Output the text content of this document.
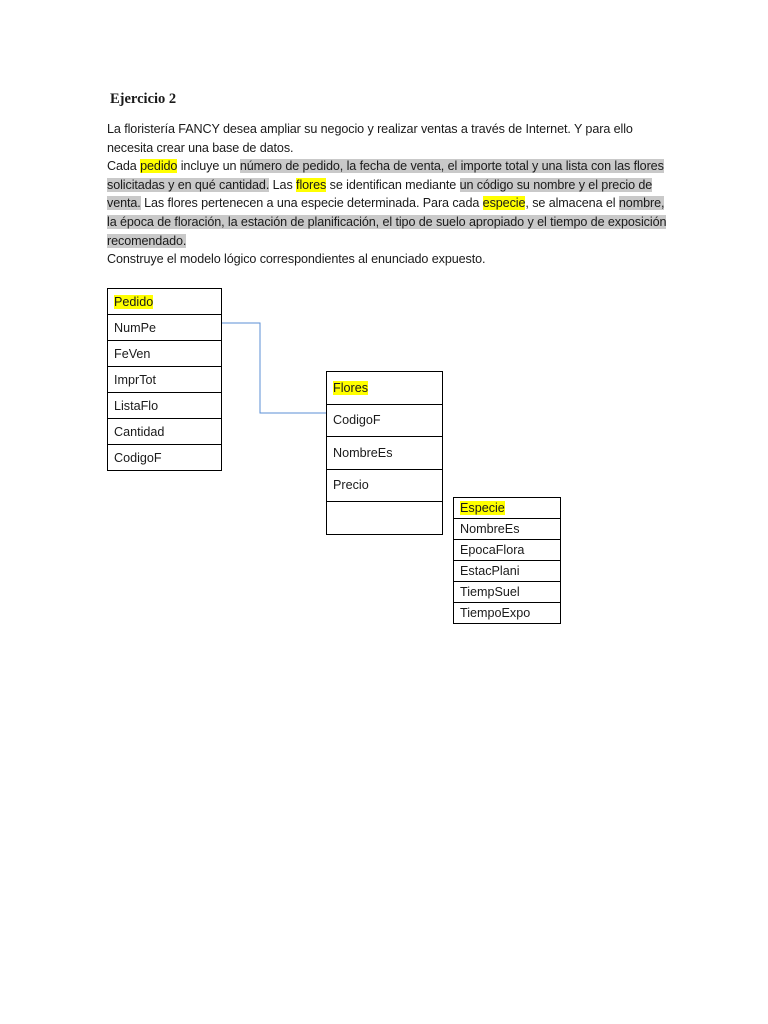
Ejercicio 2

La floristería FANCY desea ampliar su negocio y realizar ventas a través de Internet. Y para ello necesita crear una base de datos.

Cada pedido incluye un número de pedido, la fecha de venta, el importe total y una lista con las flores solicitadas y en qué cantidad. Las flores se identifican mediante un código su nombre y el precio de venta. Las flores pertenecen a una especie determinada. Para cada especie, se almacena el nombre, la época de floración, la estación de planificación, el tipo de suelo apropiado y el tiempo de exposición recomendado.

Construye el modelo lógico correspondientes al enunciado expuesto.

Pedido
NumPe
FeVen
ImprTot
ListaFlo
Cantidad
CodigoF
Flores
CodigoF
NombreEs
Precio

Especie
NombreEs
EpocaFlora
EstacPlani
TiempSuel
TiempoExpo
